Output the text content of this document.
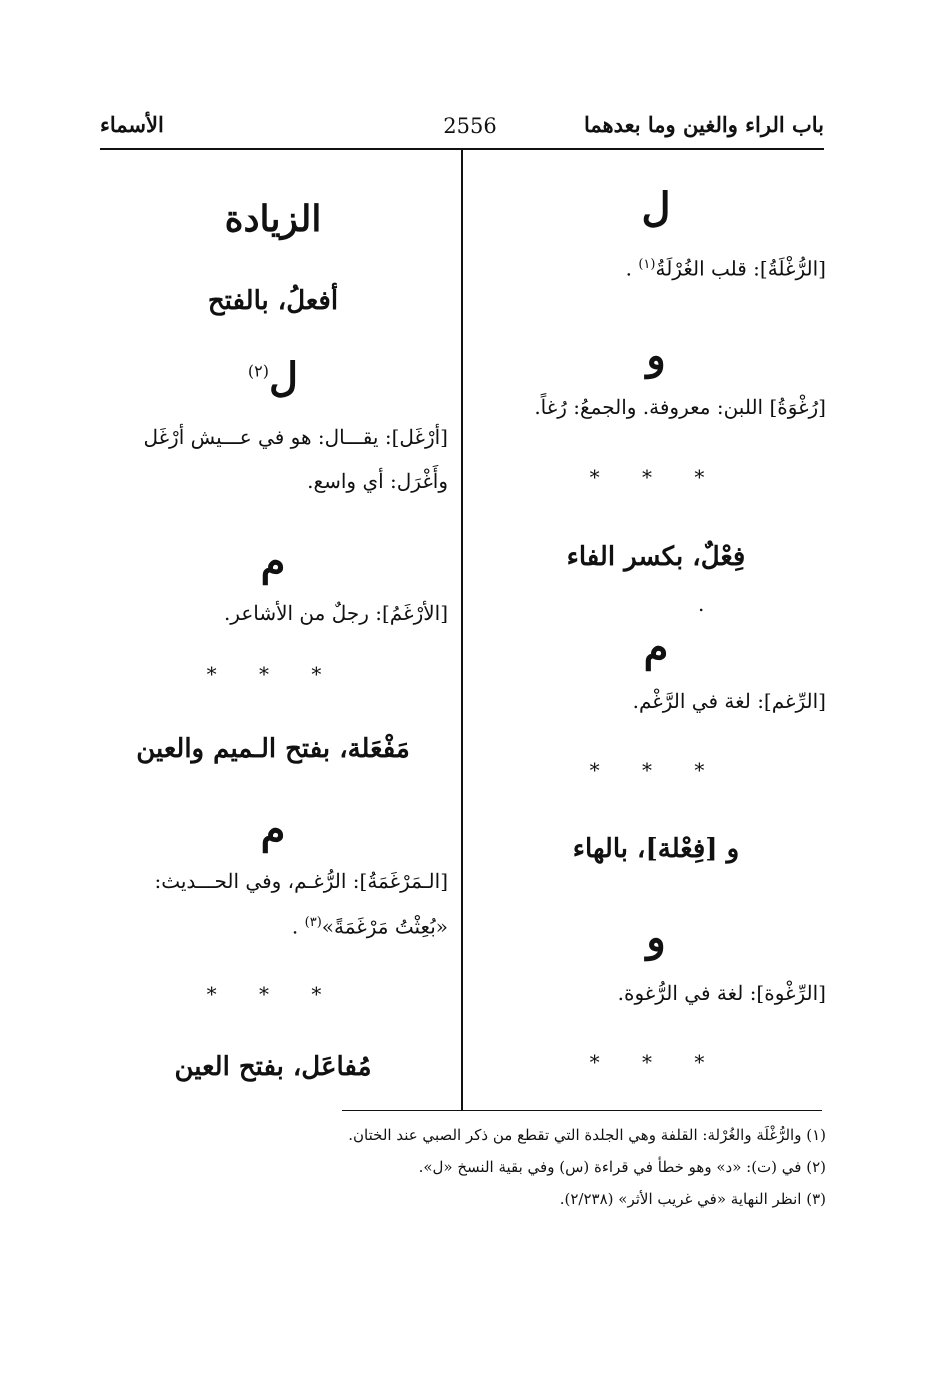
باب الراء والغين وما بعدهما
2556
الأسماء
ل
[الرُّغْلَةُ]: قلب الغُرْلَةُ$^{(١)}$ .
و
[رُغْوَةُ] اللبن: معروفة. والجمعُ: رُغاً.
* * *
فِعْلٌ، بكسر الفاء
.
م
[الرِّغم]: لغة في الرَّغْم.
* * *
و [فِعْلة]، بالهاء
و
[الرِّغْوة]: لغة في الرُّغوة.
* * *
الزيادة
أفعلُ، بالفتح
ل$^{(٢)}$
[أرْغَل]: يقـــال: هو في عـــيش أرْغَل
وأَغْرَل: أي واسع.
م
[الأرْغَمُ]: رجلٌ من الأشاعر.
* * *
مَفْعَلة، بفتح الـميم والعين
م
[الـمَرْغَمَةُ]: الرُّغـم، وفي الحـــديث:
«بُعِثْتُ مَرْغَمَةً»$^{(٣)}$ .
* * *
مُفاعَل، بفتح العين
(١) والرُّغْلَة والغُرْلة: القلفة وهي الجلدة التي تقطع من ذكر الصبي عند الختان.
(٢) في (ت): «د» وهو خطأ في قراءة (س) وفي بقية النسخ «ل».
(٣) انظر النهاية «في غريب الأثر» (٢/٢٣٨).
